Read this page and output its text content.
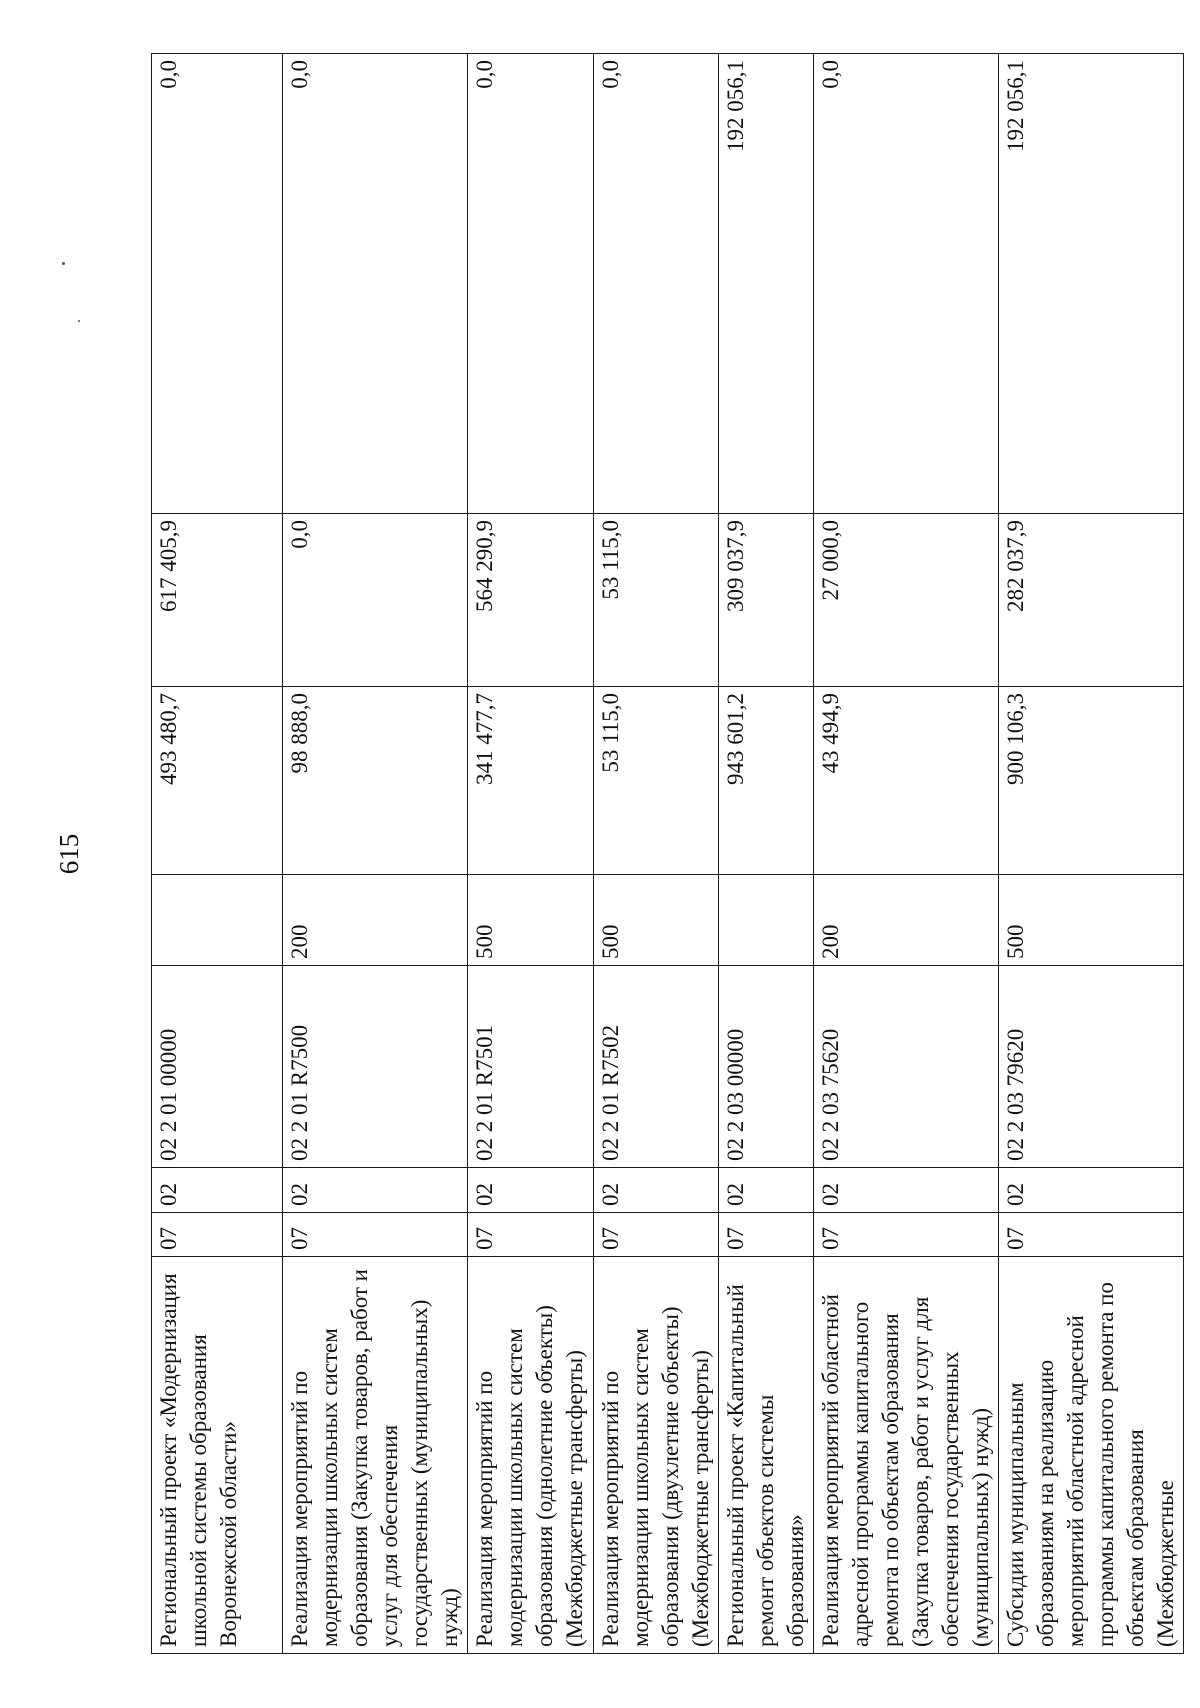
615
Региональный проект «Модернизация школьной системы образования Воронежской области»	07	02	02 2 01 00000		493 480,7	617 405,9	0,0
Реализация мероприятий по модернизации школьных систем образования (Закупка товаров, работ и услуг для обеспечения государственных (муниципальных) нужд)	07	02	02 2 01 R7500	200	98 888,0	0,0	0,0
Реализация мероприятий по модернизации школьных систем образования (однолетние объекты) (Межбюджетные трансферты)	07	02	02 2 01 R7501	500	341 477,7	564 290,9	0,0
Реализация мероприятий по модернизации школьных систем образования (двухлетние объекты) (Межбюджетные трансферты)	07	02	02 2 01 R7502	500	53 115,0	53 115,0	0,0
Региональный проект «Капитальный ремонт объектов системы образования»	07	02	02 2 03 00000		943 601,2	309 037,9	192 056,1
Реализация мероприятий областной адресной программы капитального ремонта по объектам образования (Закупка товаров, работ и услуг для обеспечения государственных (муниципальных) нужд)	07	02	02 2 03 75620	200	43 494,9	27 000,0	0,0
Субсидии муниципальным образованиям на реализацию мероприятий областной адресной программы капитального ремонта по объектам образования (Межбюджетные	07	02	02 2 03 79620	500	900 106,3	282 037,9	192 056,1
